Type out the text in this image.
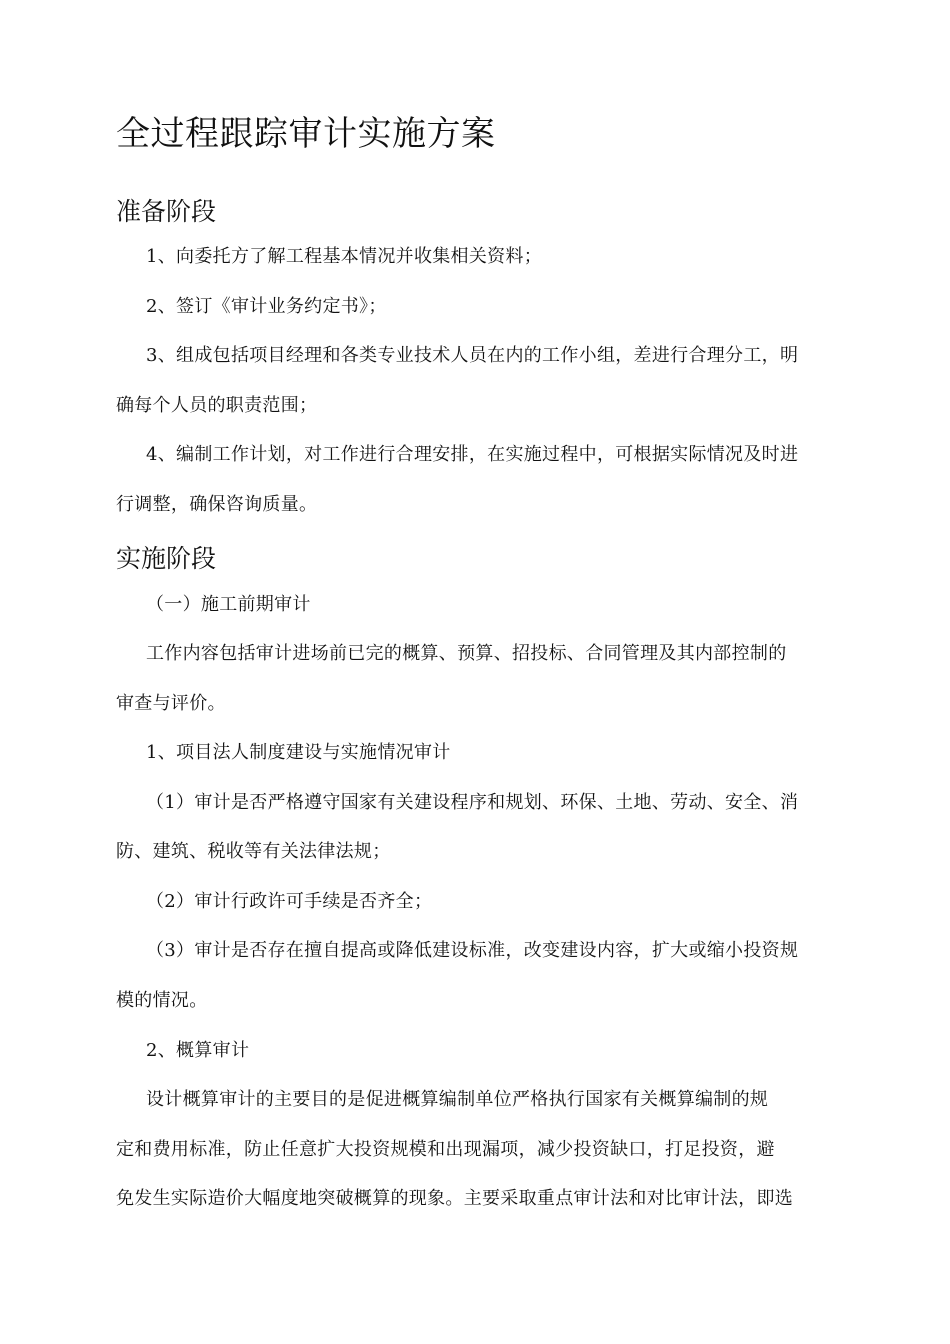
全过程跟踪审计实施方案
准备阶段

1、向委托方了解工程基本情况并收集相关资料；

2、签订《审计业务约定书》；

3、组成包括项目经理和各类专业技术人员在内的工作小组，差进行合理分工，明

确每个人员的职责范围；

4、编制工作计划，对工作进行合理安排，在实施过程中，可根据实际情况及时进

行调整，确保咨询质量。

实施阶段

（一）施工前期审计

工作内容包括审计进场前已完的概算、预算、招投标、合同管理及其内部控制的

审查与评价。

1、项目法人制度建设与实施情况审计

（1）审计是否严格遵守国家有关建设程序和规划、环保、土地、劳动、安全、消

防、建筑、税收等有关法律法规；

（2）审计行政许可手续是否齐全；

（3）审计是否存在擅自提高或降低建设标准，改变建设内容，扩大或缩小投资规

模的情况。

2、概算审计

设计概算审计的主要目的是促进概算编制单位严格执行国家有关概算编制的规

定和费用标准，防止任意扩大投资规模和出现漏项，减少投资缺口，打足投资，避

免发生实际造价大幅度地突破概算的现象。主要采取重点审计法和对比审计法，即选
